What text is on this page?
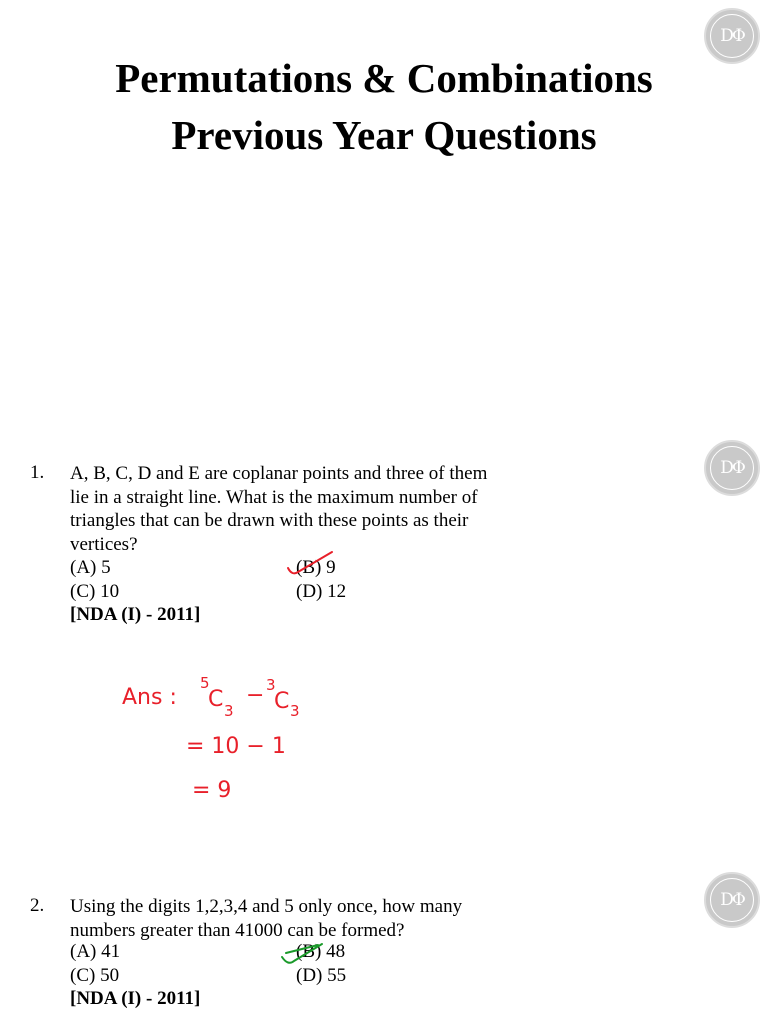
Permutations & Combinations
Previous Year Questions
DΦ
DΦ
DΦ
1. A, B, C, D and E are coplanar points and three of them lie in a straight line. What is the maximum number of triangles that can be drawn with these points as their vertices?

(A) 5	(B) 9
(C) 10	(D) 12
[NDA (I) - 2011]
2. Using the digits 1,2,3,4 and 5 only once, how many numbers greater than 41000 can be formed?

(A) 41	(B) 48
(C) 50	(D) 55
[NDA (I) - 2011]
Ans :
5
C 3
− 3
C 3
= 10 − 1
= 9
